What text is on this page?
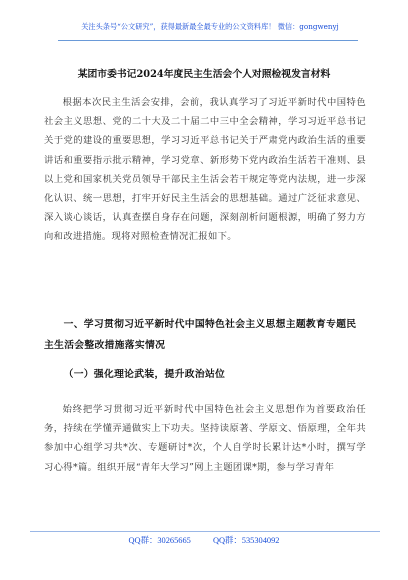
关注头条号“公文研究”，获得最新最全最专业的公文资料库！ 微信：gongwenyj
某团市委书记2024年度民主生活会个人对照检视发言材料
根据本次民主生活会安排，会前，我认真学习了习近平新时代中国特色社会主义思想、党的二十大及二十届二中三中全会精神，学习习近平总书记关于党的建设的重要思想，学习习近平总书记关于严肃党内政治生活的重要讲话和重要指示批示精神，学习党章、新形势下党内政治生活若干准则、县以上党和国家机关党员领导干部民主生活会若干规定等党内法规，进一步深化认识、统一思想，打牢开好民主生活会的思想基础。通过广泛征求意见、深入谈心谈话，认真查摆自身存在问题，深刻剖析问题根源，明确了努力方向和改进措施。现将对照检查情况汇报如下。
一、学习贯彻习近平新时代中国特色社会主义思想主题教育专题民主生活会整改措施落实情况
（一）强化理论武装，提升政治站位
始终把学习贯彻习近平新时代中国特色社会主义思想作为首要政治任务，持续在学懂弄通做实上下功夫。坚持读原著、学原文、悟原理，全年共参加中心组学习共*次、专题研讨*次，个人自学时长累计达*小时，撰写学习心得*篇。组织开展“青年大学习”网上主题团课*期，参与学习青年
QQ群：30265665	QQ群：535304092
